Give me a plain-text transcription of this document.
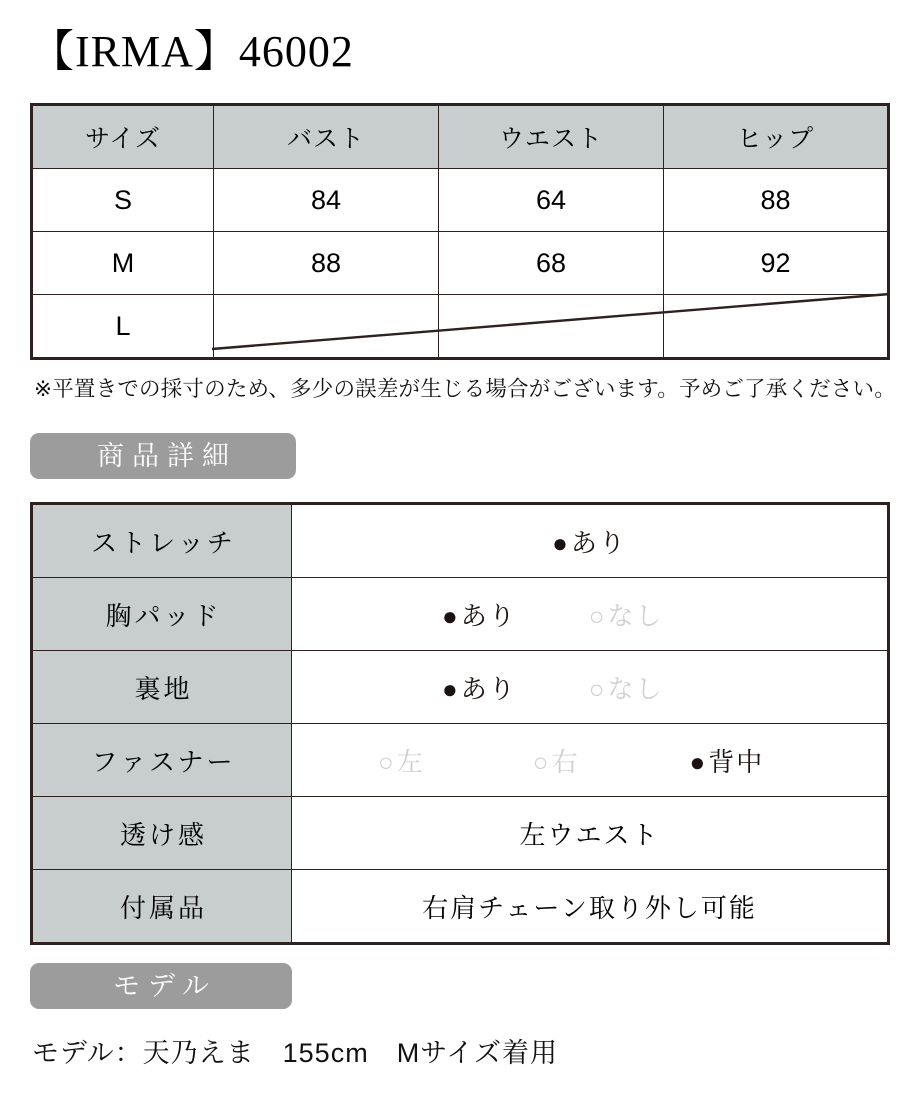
【IRMA】46002
サイズ	バスト	ウエスト	ヒップ
S	84	64	88
M	88	68	92
L			
※平置きでの採寸のため、多少の誤差が生じる場合がございます。予めご了承ください。
商品詳細
ストレッチ	●あり

胸パッド	●あり ○なし

裏地	●あり ○なし

ファスナー	○左 ○右 ●背中

透け感	左ウエスト
付属品	右肩チェーン取り外し可能
モデル
モデル：天乃えま　155cm　Mサイズ着用
